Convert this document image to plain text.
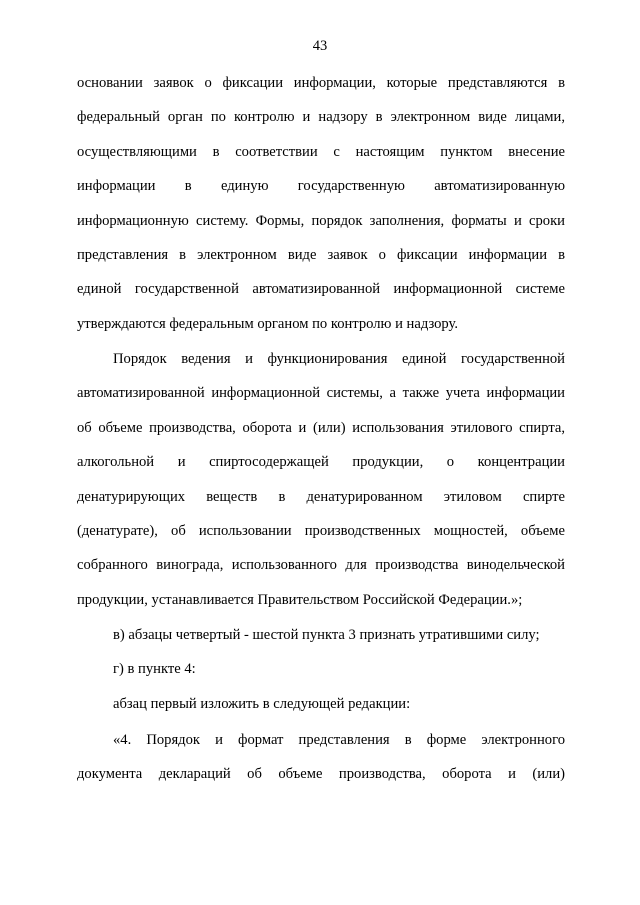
43
основании заявок о фиксации информации, которые представляются в
федеральный орган по контролю и надзору в электронном виде лицами,
осуществляющими в соответствии с настоящим пунктом внесение
информации в единую государственную автоматизированную
информационную систему. Формы, порядок заполнения, форматы и сроки
представления в электронном виде заявок о фиксации информации в
единой государственной автоматизированной информационной системе
утверждаются федеральным органом по контролю и надзору.
Порядок ведения и функционирования единой государственной
автоматизированной информационной системы, а также учета информации
об объеме производства, оборота и (или) использования этилового спирта,
алкогольной и спиртосодержащей продукции, о концентрации
денатурирующих веществ в денатурированном этиловом спирте
(денатурате), об использовании производственных мощностей, объеме
собранного винограда, использованного для производства винодельческой
продукции, устанавливается Правительством Российской Федерации.»;
в) абзацы четвертый - шестой пункта 3 признать утратившими силу;
г) в пункте 4:
абзац первый изложить в следующей редакции:
«4. Порядок и формат представления в форме электронного
документа деклараций об объеме производства, оборота и (или)
